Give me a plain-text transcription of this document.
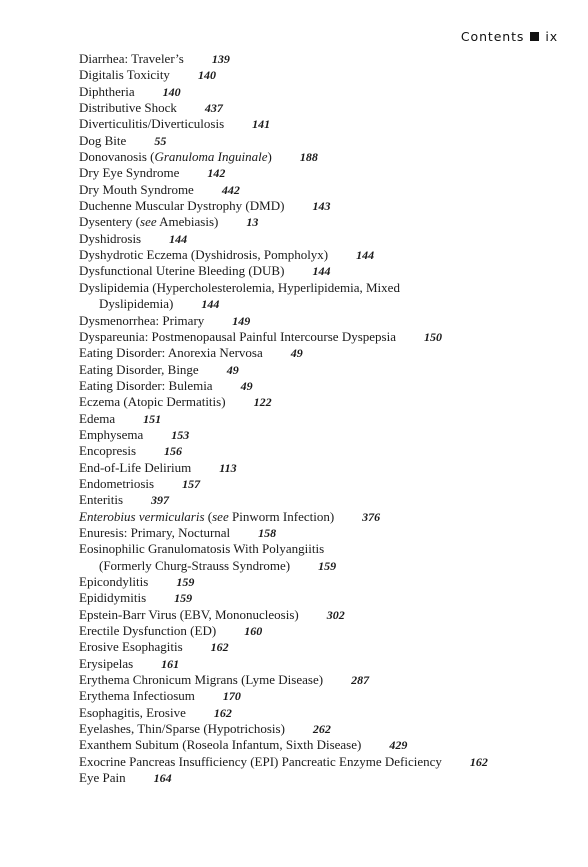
Contents ix
Diarrhea: Traveler’s 139
Digitalis Toxicity 140
Diphtheria 140
Distributive Shock 437
Diverticulitis/Diverticulosis 141
Dog Bite 55
Donovanosis (Granuloma Inguinale) 188
Dry Eye Syndrome 142
Dry Mouth Syndrome 442
Duchenne Muscular Dystrophy (DMD) 143
Dysentery (see Amebiasis) 13
Dyshidrosis 144
Dyshydrotic Eczema (Dyshidrosis, Pompholyx) 144
Dysfunctional Uterine Bleeding (DUB) 144
Dyslipidemia (Hypercholesterolemia, Hyperlipidemia, Mixed
Dyslipidemia) 144
Dysmenorrhea: Primary 149
Dyspareunia: Postmenopausal Painful Intercourse Dyspepsia 150
Eating Disorder: Anorexia Nervosa 49
Eating Disorder, Binge 49
Eating Disorder: Bulemia 49
Eczema (Atopic Dermatitis) 122
Edema 151
Emphysema 153
Encopresis 156
End-of-Life Delirium 113
Endometriosis 157
Enteritis 397
Enterobius vermicularis (see Pinworm Infection) 376
Enuresis: Primary, Nocturnal 158
Eosinophilic Granulomatosis With Polyangiitis
(Formerly Churg-Strauss Syndrome) 159
Epicondylitis 159
Epididymitis 159
Epstein-Barr Virus (EBV, Mononucleosis) 302
Erectile Dysfunction (ED) 160
Erosive Esophagitis 162
Erysipelas 161
Erythema Chronicum Migrans (Lyme Disease) 287
Erythema Infectiosum 170
Esophagitis, Erosive 162
Eyelashes, Thin/Sparse (Hypotrichosis) 262
Exanthem Subitum (Roseola Infantum, Sixth Disease) 429
Exocrine Pancreas Insufficiency (EPI) Pancreatic Enzyme Deficiency 162
Eye Pain 164
